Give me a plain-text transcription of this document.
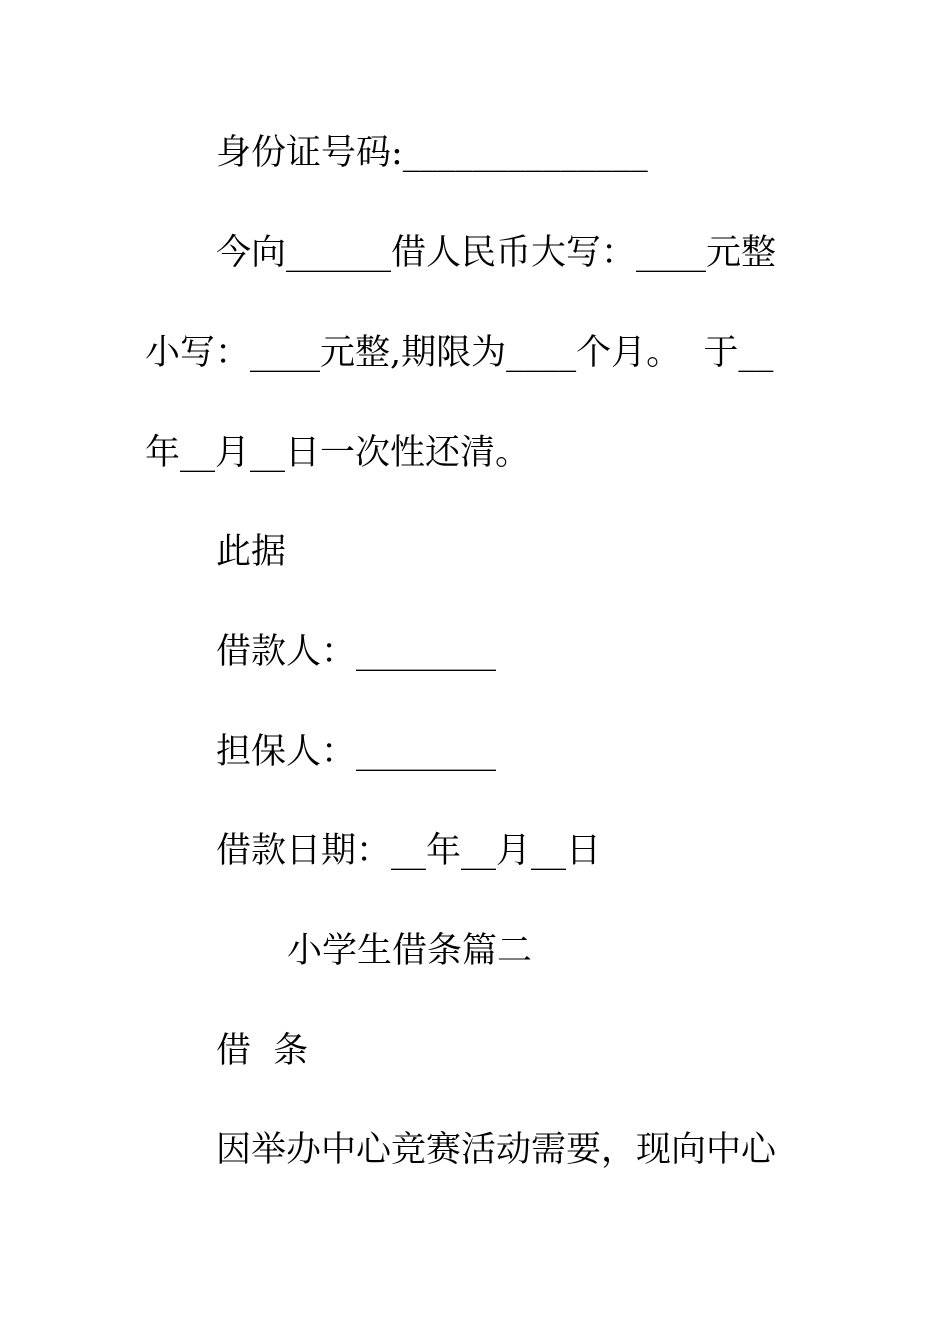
身份证号码:______________
今向______借人民币大写：____元整
小写：____元整,期限为____个月。  于__
年__月__日一次性还清。
此据
借款人：________
担保人：________
借款日期：__年__月__日
小学生借条篇二
借  条
因举办中心竞赛活动需要，现向中心
